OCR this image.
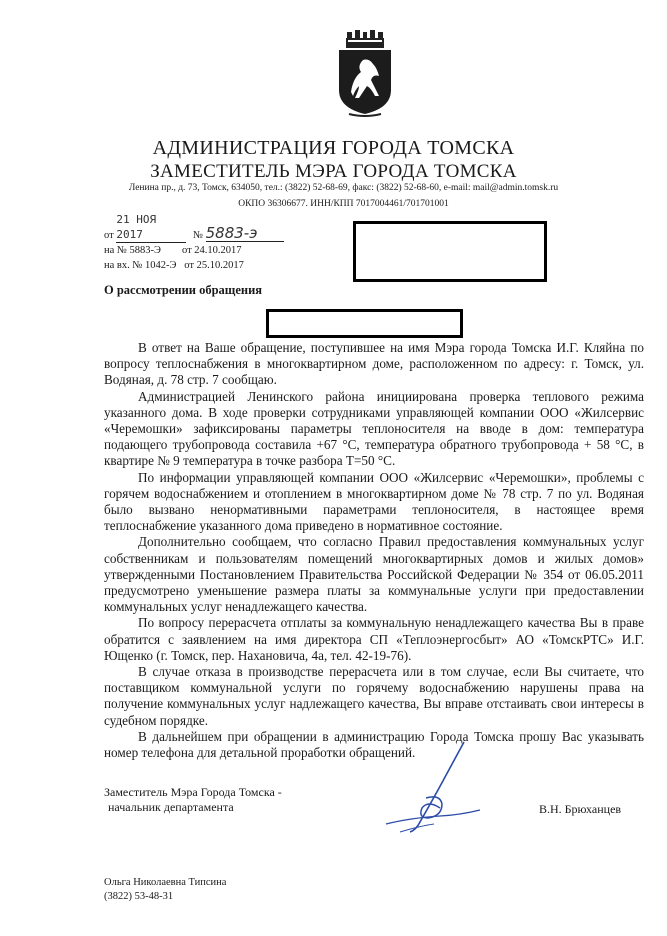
АДМИНИСТРАЦИЯ ГОРОДА ТОМСКА
ЗАМЕСТИТЕЛЬ МЭРА ГОРОДА ТОМСКА
Ленина пр., д. 73, Томск, 634050, тел.: (3822) 52-68-69, факс: (3822) 52-68-60, e-mail: mail@admin.tomsk.ru
ОКПО 36306677. ИНН/КПП 7017004461/701701001
от 21 НОЯ 2017	№ 5883-э
на № 5883-Э        от 24.10.2017
на вх. № 1042-Э   от 25.10.2017
О рассмотрении обращения

В ответ на Ваше обращение, поступившее на имя Мэра города Томска И.Г. Кляйна по вопросу теплоснабжения в многоквартирном доме, расположенном по адресу: г. Томск, ул. Водяная, д. 78 стр. 7 сообщаю.

Администрацией Ленинского района инициирована проверка теплового режима указанного дома. В ходе проверки сотрудниками управляющей компании ООО «Жилсервис «Черемошки» зафиксированы параметры теплоносителя на вводе в дом: температура подающего трубопровода составила +67 °С, температура обратного трубопровода + 58 °С, в квартире № 9 температура в точке разбора Т=50 °С.

По информации управляющей компании ООО «Жилсервис «Черемошки», проблемы с горячем водоснабжением и отоплением в многоквартирном доме № 78 стр. 7 по ул. Водяная было вызвано ненормативными параметрами теплоносителя, в настоящее время теплоснабжение указанного дома приведено в нормативное состояние.

Дополнительно сообщаем, что согласно Правил предоставления коммунальных услуг собственникам и пользователям помещений многоквартирных домов и жилых домов» утвержденными Постановлением Правительства Российской Федерации № 354 от 06.05.2011 предусмотрено уменьшение размера платы за коммунальные услуги при предоставлении коммунальных услуг ненадлежащего качества.

По вопросу перерасчета отплаты за коммунальную ненадлежащего качества Вы в праве обратится с заявлением на имя директора СП «Теплоэнергосбыт» АО «ТомскРТС» И.Г. Ющенко (г. Томск, пер. Нахановича, 4а, тел. 42-19-76).

В случае отказа в производстве перерасчета или в том случае, если Вы считаете, что поставщиком коммунальной услуги по горячему водоснабжению нарушены права на получение коммунальных услуг надлежащего качества, Вы вправе отстаивать свои интересы в судебном порядке.

В дальнейшем при обращении в администрацию Города Томска прошу Вас указывать номер телефона для детальной проработки обращений.

Заместитель Мэра Города Томска -
начальник департамента	В.Н. Брюханцев
Ольга Николаевна Типсина
(3822) 53-48-31
